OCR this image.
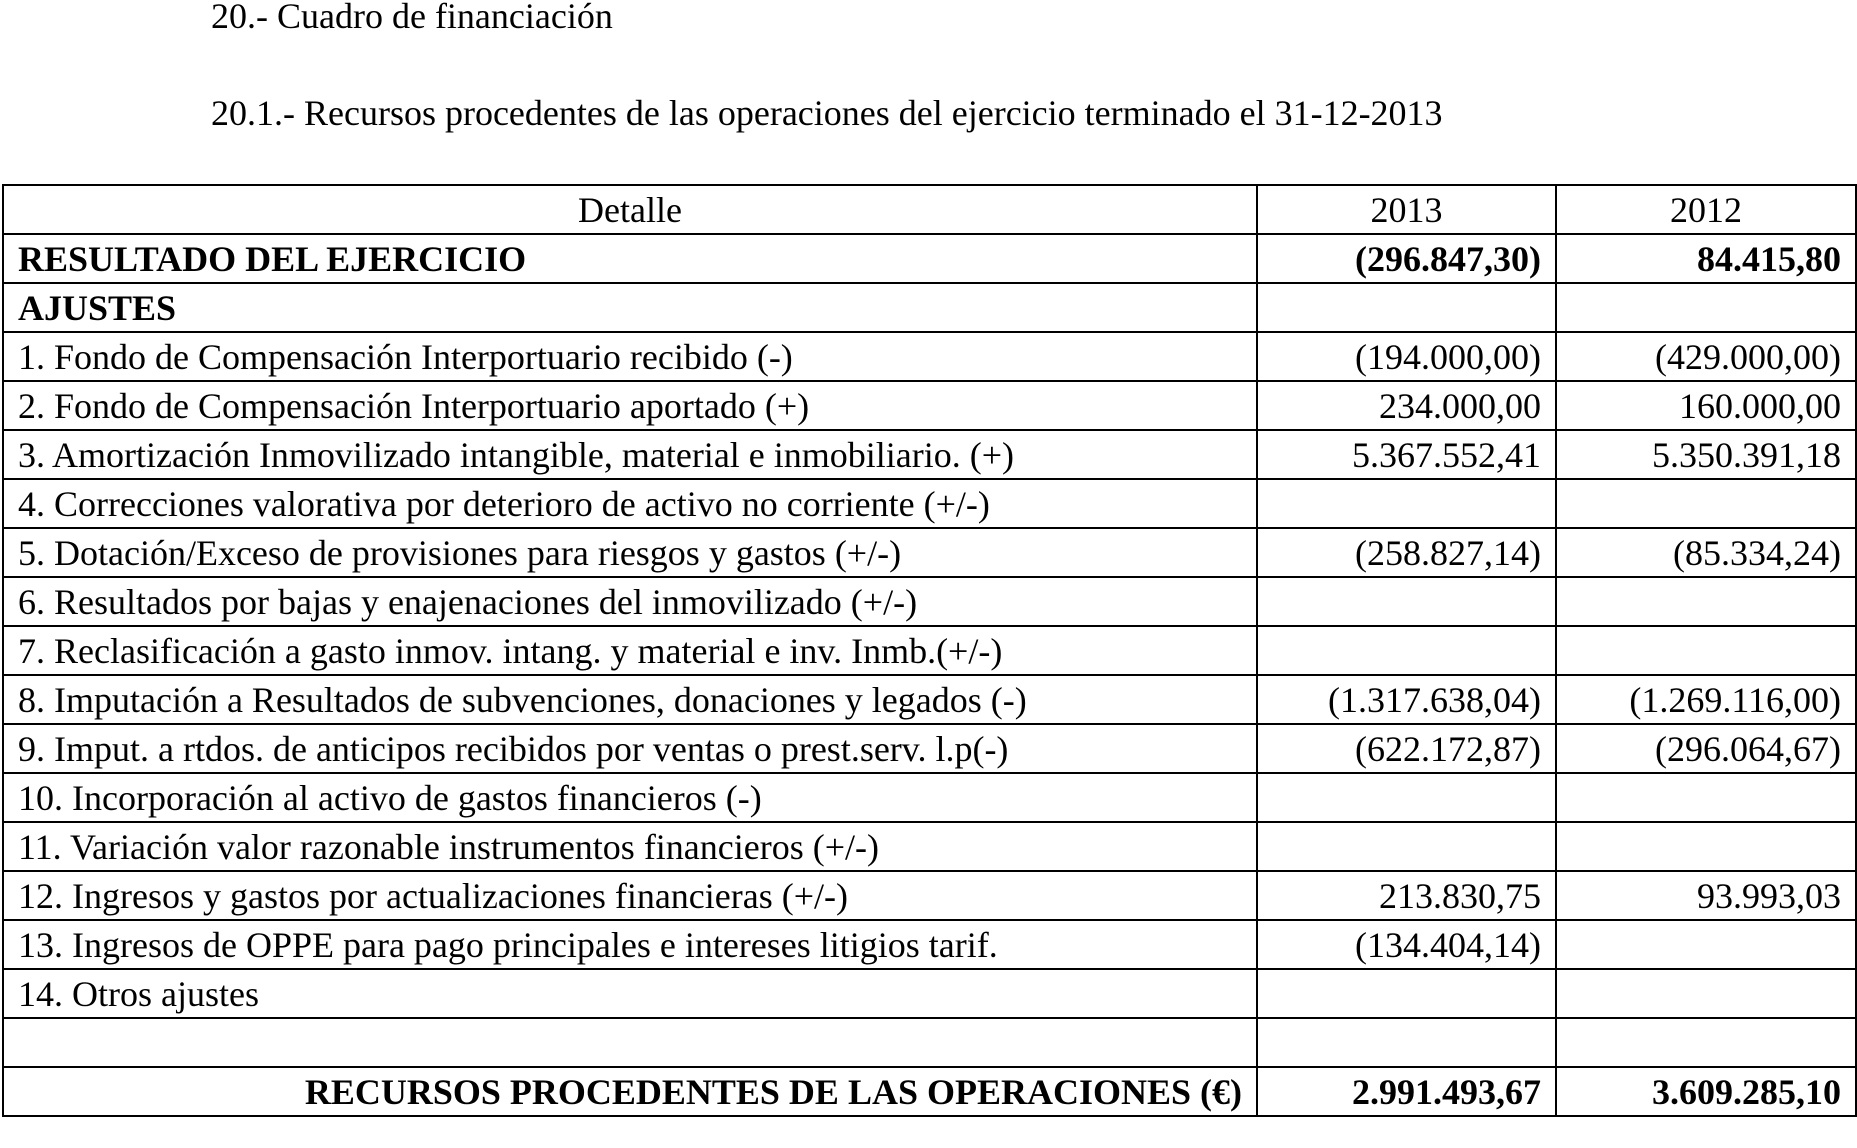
20.- Cuadro de financiación
20.1.- Recursos procedentes de las operaciones del ejercicio terminado el 31-12-2013
Detalle	2013	2012
RESULTADO DEL EJERCICIO	(296.847,30)	84.415,80
AJUSTES		
1. Fondo de Compensación Interportuario recibido (-)	(194.000,00)	(429.000,00)
2. Fondo de Compensación Interportuario aportado (+)	234.000,00	160.000,00
3. Amortización Inmovilizado intangible, material e inmobiliario. (+)	5.367.552,41	5.350.391,18
4. Correcciones valorativa por deterioro de activo no corriente (+/-)		
5. Dotación/Exceso de provisiones para riesgos y gastos (+/-)	(258.827,14)	(85.334,24)
6. Resultados por bajas y enajenaciones del inmovilizado (+/-)		
7. Reclasificación a gasto inmov. intang. y material e inv. Inmb.(+/-)		
8. Imputación a Resultados de subvenciones, donaciones y legados (-)	(1.317.638,04)	(1.269.116,00)
9. Imput. a rtdos. de anticipos recibidos por ventas o prest.serv. l.p(-)	(622.172,87)	(296.064,67)
10. Incorporación al activo de gastos financieros (-)		
11. Variación valor razonable instrumentos financieros (+/-)		
12. Ingresos y gastos por actualizaciones financieras (+/-)	213.830,75	93.993,03
13. Ingresos de OPPE para pago principales e intereses litigios tarif.	(134.404,14)	
14. Otros ajustes		

RECURSOS PROCEDENTES DE LAS OPERACIONES (€)	2.991.493,67	3.609.285,10
